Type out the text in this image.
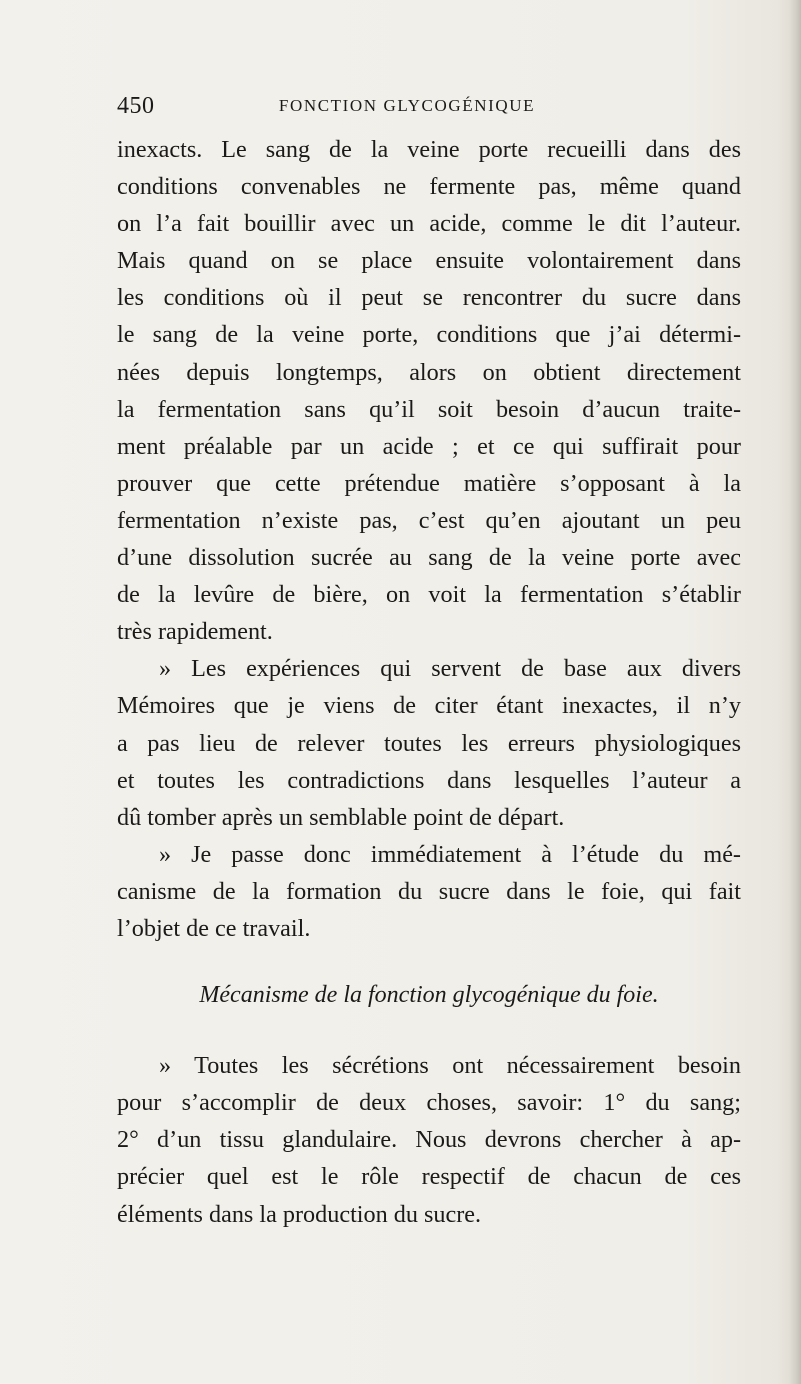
450	FONCTION GLYCOGÉNIQUE
inexacts. Le sang de la veine porte recueilli dans des
conditions convenables ne fermente pas, même quand
on l’a fait bouillir avec un acide, comme le dit l’auteur.
Mais quand on se place ensuite volontairement dans
les conditions où il peut se rencontrer du sucre dans
le sang de la veine porte, conditions que j’ai détermi-
nées depuis longtemps, alors on obtient directement
la fermentation sans qu’il soit besoin d’aucun traite-
ment préalable par un acide ; et ce qui suffirait pour
prouver que cette prétendue matière s’opposant à la
fermentation n’existe pas, c’est qu’en ajoutant un peu
d’une dissolution sucrée au sang de la veine porte avec
de la levûre de bière, on voit la fermentation s’établir
très rapidement.
» Les expériences qui servent de base aux divers
Mémoires que je viens de citer étant inexactes, il n’y
a pas lieu de relever toutes les erreurs physiologiques
et toutes les contradictions dans lesquelles l’auteur a
dû tomber après un semblable point de départ.
» Je passe donc immédiatement à l’étude du mé-
canisme de la formation du sucre dans le foie, qui fait
l’objet de ce travail.
Mécanisme de la fonction glycogénique du foie.
» Toutes les sécrétions ont nécessairement besoin
pour s’accomplir de deux choses, savoir: 1° du sang;
2° d’un tissu glandulaire. Nous devrons chercher à ap-
précier quel est le rôle respectif de chacun de ces
éléments dans la production du sucre.
